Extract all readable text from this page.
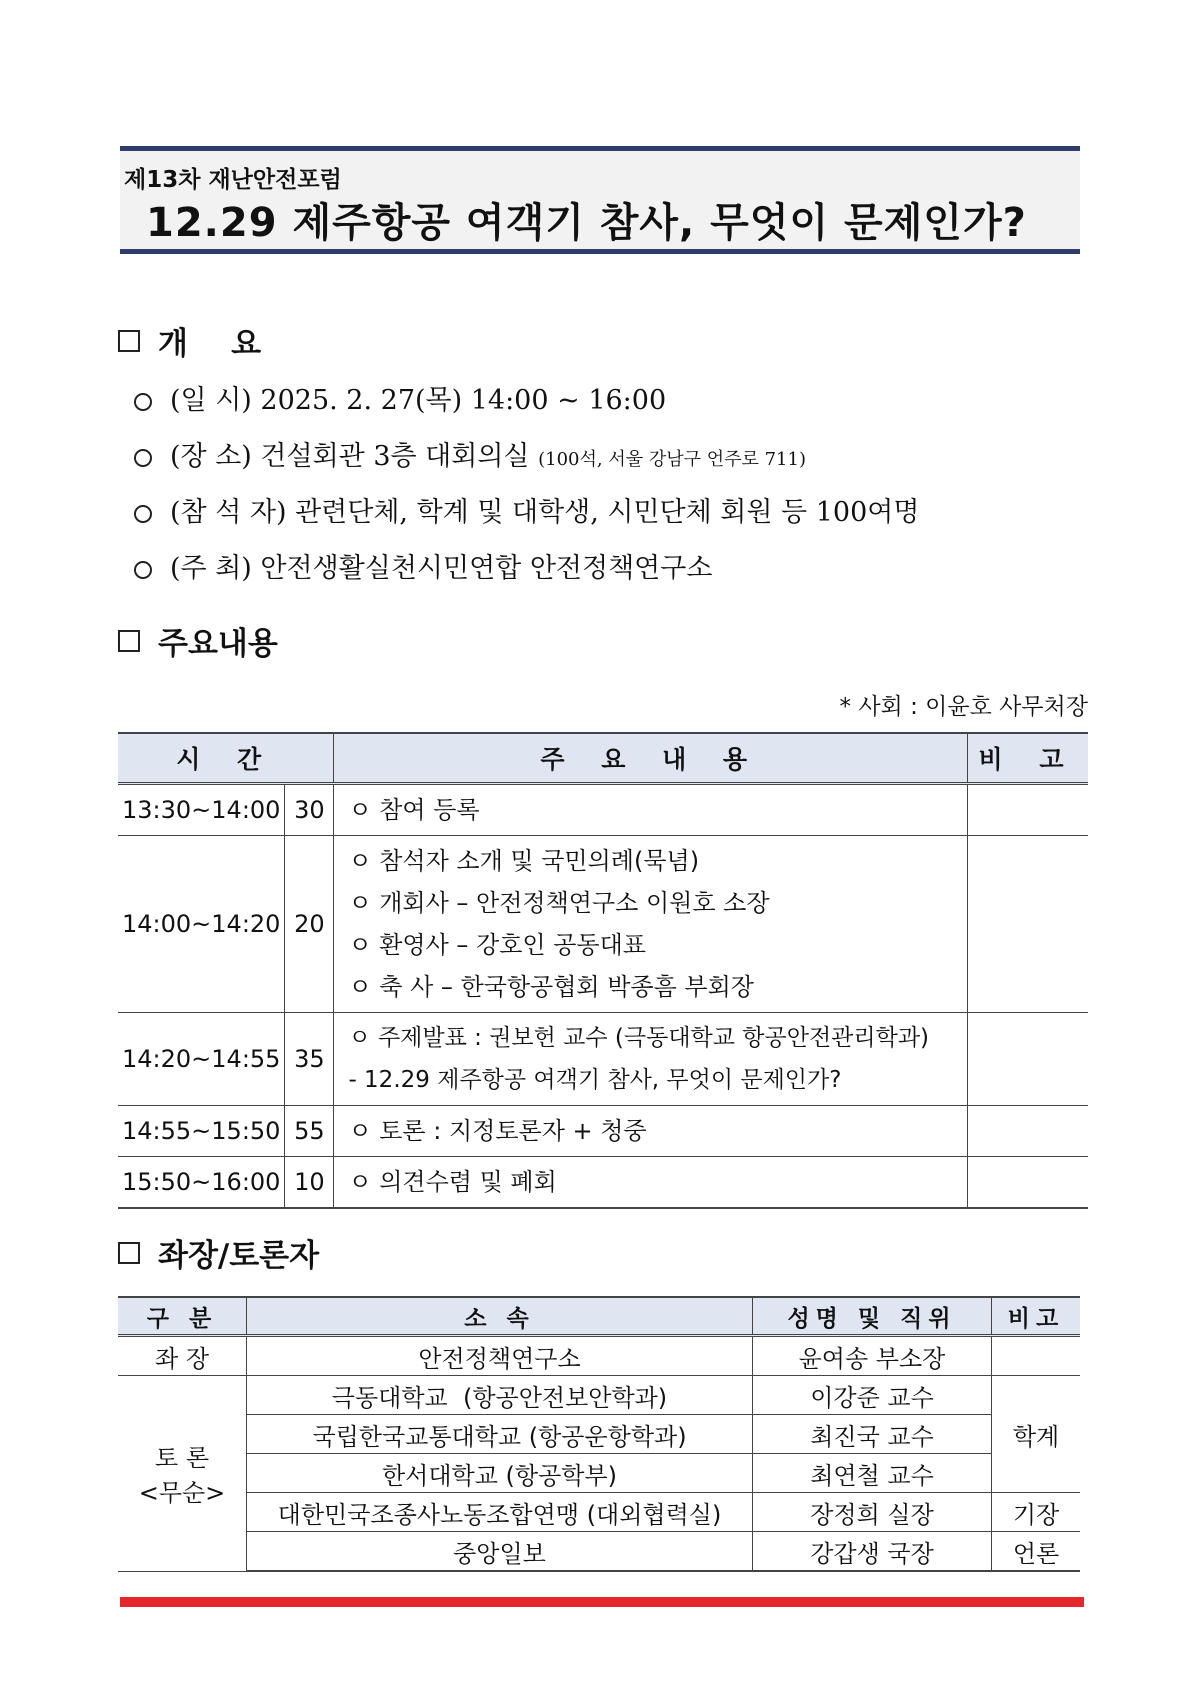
제13차 재난안전포럼
12.29 제주항공 여객기 참사, 무엇이 문제인가?
개    요
(일 시) 2025. 2. 27(목) 14:00 ~ 16:00
(장 소) 건설회관 3층 대회의실 (100석, 서울 강남구 언주로 711)
(참 석 자) 관련단체, 학계 및 대학생, 시민단체 회원 등 100여명
(주 최) 안전생활실천시민연합 안전정책연구소
주요내용
* 사회 : 이윤호 사무처장
시 간		주 요 내 용	비 고
13:30~14:00	30	ㅇ 참여 등록	

14:00~14:20	20	ㅇ 참석자 소개 및 국민의례(묵념)
ㅇ 개회사 – 안전정책연구소 이원호 소장
ㅇ 환영사 – 강호인 공동대표
ㅇ 축 사 – 한국항공협회 박종흠 부회장	

14:20~14:55	35	ㅇ 주제발표 : 권보헌 교수 (극동대학교 항공안전관리학과)
- 12.29 제주항공 여객기 참사, 무엇이 문제인가?	

14:55~15:50	55	ㅇ 토론 : 지정토론자 + 청중	

15:50~16:00	10	ㅇ 의견수렴 및 폐회	

좌장/토론자
구 분	소 속	성명 및 직위	비고
좌 장	안전정책연구소	윤여송 부소장	

토 론
<무순>	극동대학교  (항공안전보안학과)	이강준 교수	학계
	국립한국교통대학교 (항공운항학과)	최진국 교수	
	한서대학교 (항공학부)	최연철 교수	
	대한민국조종사노동조합연맹 (대외협력실)	장정희 실장	기장
	중앙일보	강갑생 국장	언론
